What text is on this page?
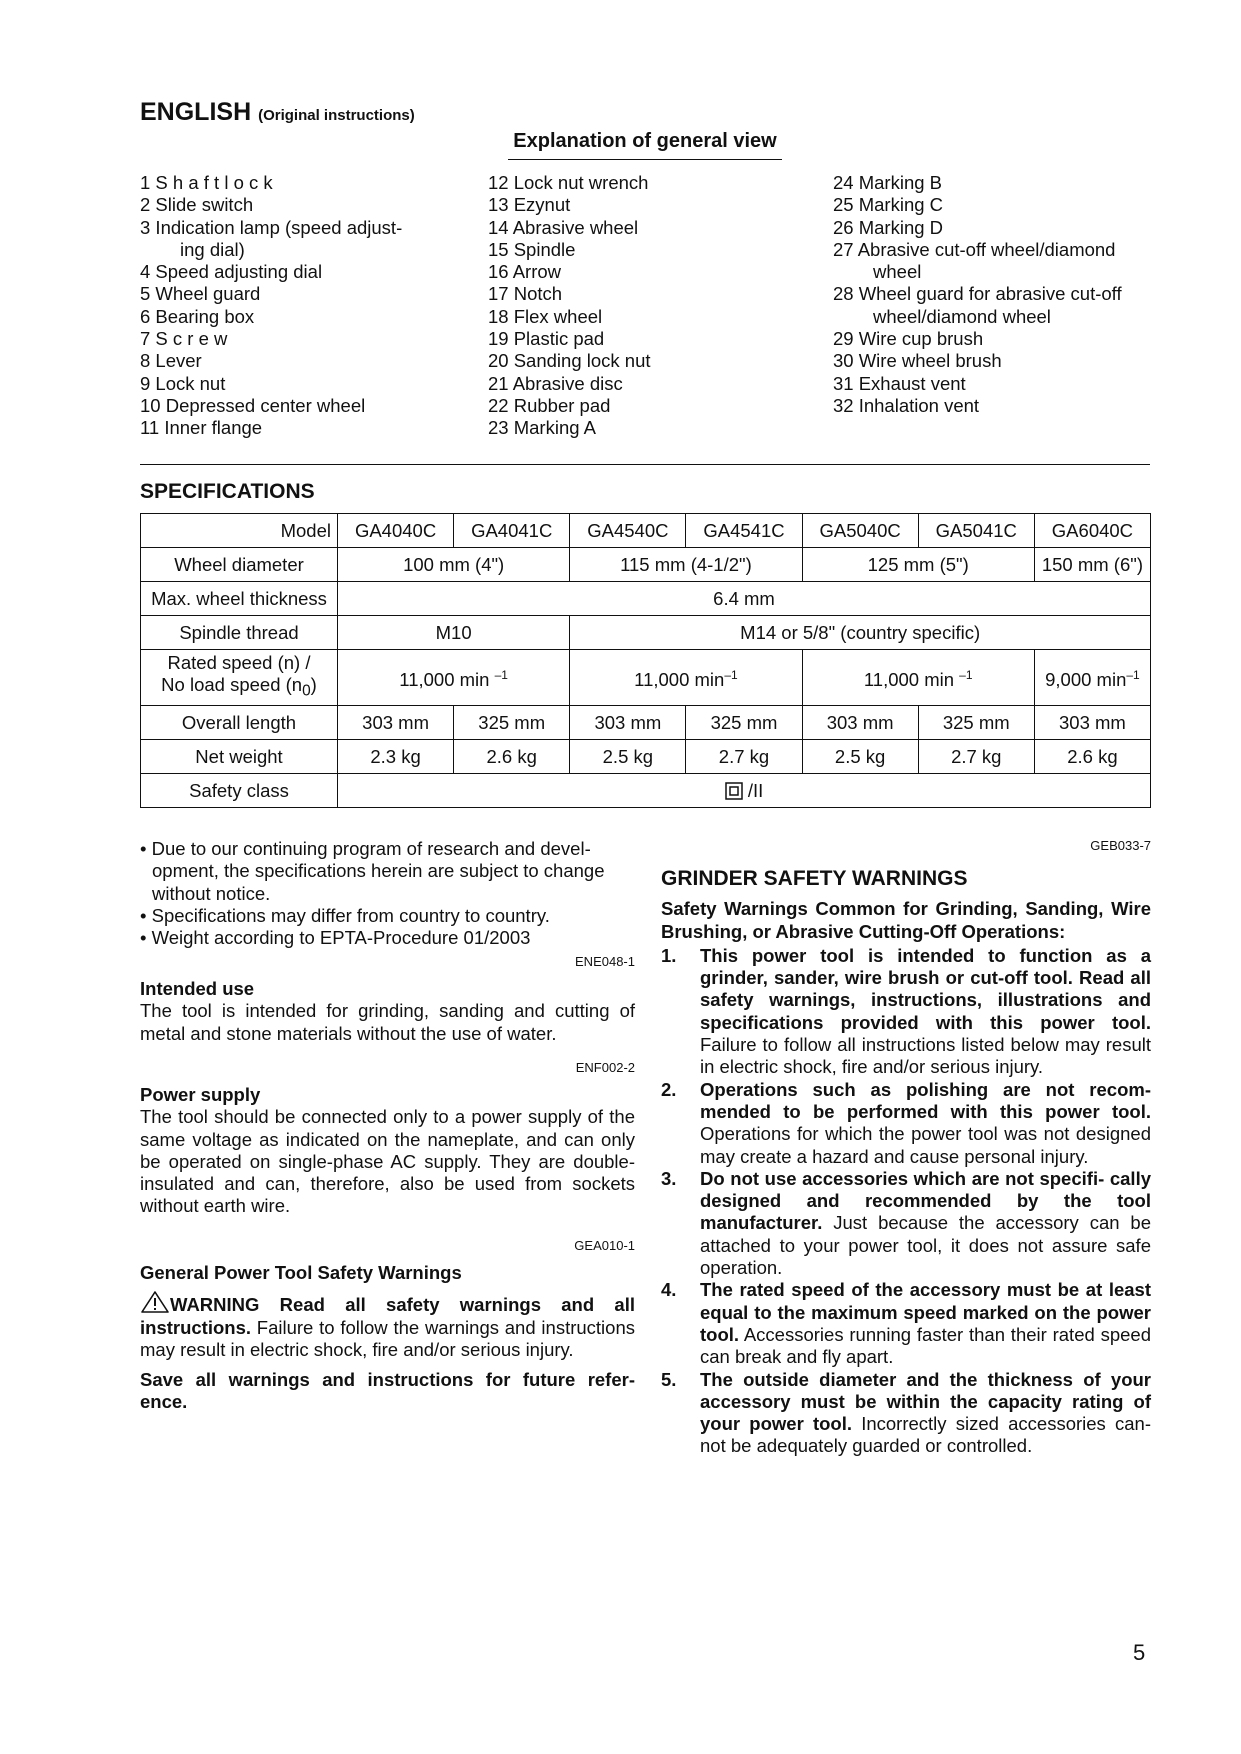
ENGLISH (Original instructions)
Explanation of general view
1 S h a f t l o c k
2 Slide switch
3 Indication lamp (speed adjust-
ing dial)
4 Speed adjusting dial
5 Wheel guard
6 Bearing box
7 S c r e w
8 Lever
9 Lock nut
10 Depressed center wheel
11 Inner flange
12 Lock nut wrench
13 Ezynut
14 Abrasive wheel
15 Spindle
16 Arrow
17 Notch
18 Flex wheel
19 Plastic pad
20 Sanding lock nut
21 Abrasive disc
22 Rubber pad
23 Marking A
24 Marking B
25 Marking C
26 Marking D
27 Abrasive cut-off wheel/diamond
wheel
28 Wheel guard for abrasive cut-off
wheel/diamond wheel
29 Wire cup brush
30 Wire wheel brush
31 Exhaust vent
32 Inhalation vent
SPECIFICATIONS
Model	GA4040C	GA4041C	GA4540C	GA4541C	GA5040C	GA5041C	GA6040C
Wheel diameter	100 mm (4")		115 mm (4-1/2")		125 mm (5")		150 mm (6")
Max. wheel thickness	6.4 mm						
Spindle thread	M10		M14 or 5/8" (country specific)				

Rated speed (n) /
No load speed $(n_0)$	11,000 min $^{-1}$		11,000 $\min^{-1}$		11,000 min $^{-1}$		9,000 $\min^{-1}$
Overall length	303 mm	325 mm	303 mm	325 mm	303 mm	325 mm	303 mm
Net weight	2.3 kg	2.6 kg	2.5 kg	2.7 kg	2.5 kg	2.7 kg	2.6 kg
Safety class	/II						
• Due to our continuing program of research and devel- opment, the specifications herein are subject to change without notice.
• Specifications may differ from country to country.
• Weight according to EPTA-Procedure 01/2003
ENE048-1
Intended use
The tool is intended for grinding, sanding and cutting of metal and stone materials without the use of water.
ENF002-2
Power supply
The tool should be connected only to a power supply of the same voltage as indicated on the nameplate, and can only be operated on single-phase AC supply. They are double-insulated and can, therefore, also be used from sockets without earth wire.
GEA010-1
General Power Tool Safety Warnings
WARNING Read all safety warnings and all instructions. Failure to follow the warnings and instructions may result in electric shock, fire and/or serious injury.
Save all warnings and instructions for future refer- ence.
GEB033-7
GRINDER SAFETY WARNINGS
Safety Warnings Common for Grinding, Sanding, Wire Brushing, or Abrasive Cutting-Off Operations:
1.	This power tool is intended to function as a grinder, sander, wire brush or cut-off tool. Read all safety warnings, instructions, illustrations and specifications provided with this power tool. Failure to follow all instructions listed below may result in electric shock, fire and/or serious injury.
2.	Operations such as polishing are not recom- mended to be performed with this power tool. Operations for which the power tool was not designed may create a hazard and cause personal injury.
3.	Do not use accessories which are not specifi- cally designed and recommended by the tool manufacturer. Just because the accessory can be attached to your power tool, it does not assure safe operation.
4.	The rated speed of the accessory must be at least equal to the maximum speed marked on the power tool. Accessories running faster than their rated speed can break and fly apart.
5.	The outside diameter and the thickness of your accessory must be within the capacity rating of your power tool. Incorrectly sized accessories can- not be adequately guarded or controlled.
5
